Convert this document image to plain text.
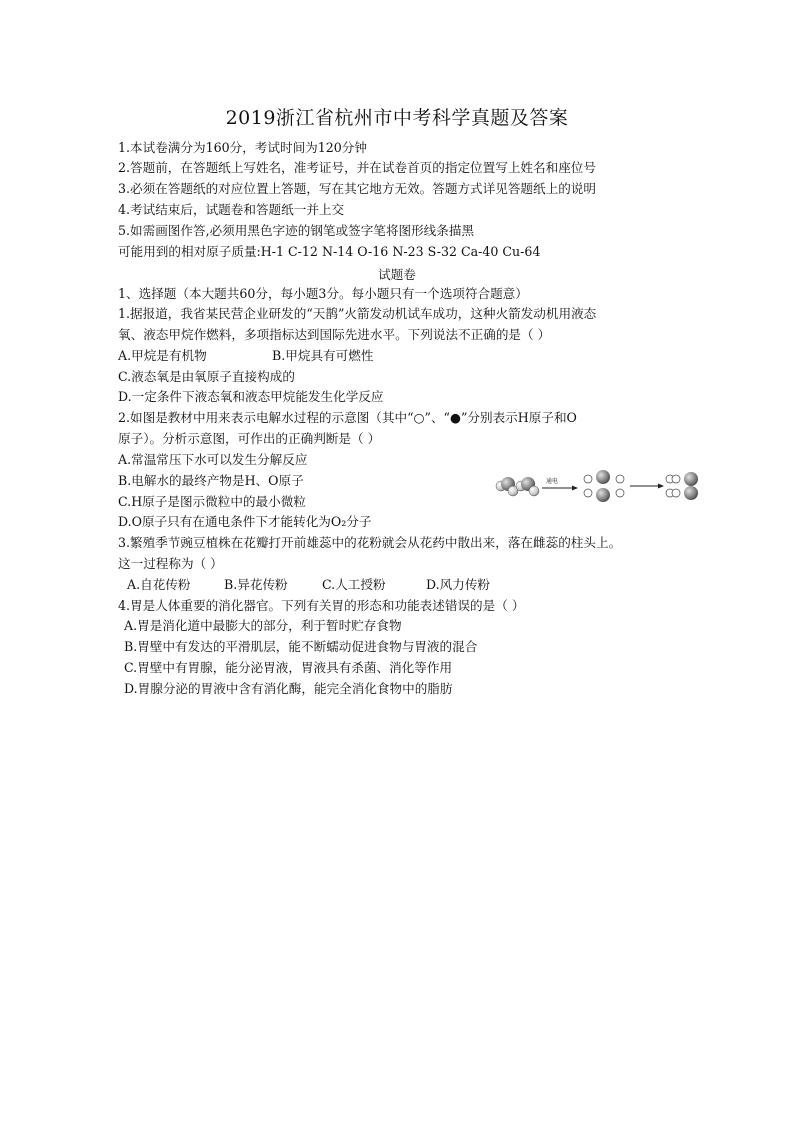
2019浙江省杭州市中考科学真题及答案
1.本试卷满分为160分，考试时间为120分钟
2.答题前，在答题纸上写姓名，准考证号，并在试卷首页的指定位置写上姓名和座位号
3.必须在答题纸的对应位置上答题，写在其它地方无效。答题方式详见答题纸上的说明
4.考试结束后，试题卷和答题纸一并上交
5.如需画图作答,必须用黑色字迹的钢笔或签字笔将图形线条描黑
可能用到的相对原子质量:H-1 C-12 N-14 O-16 N-23 S-32 Ca-40 Cu-64
试题卷
1、选择题（本大题共60分，每小题3分。每小题只有一个选项符合题意）
1.据报道，我省某民营企业研发的“天鹊”火箭发动机试车成功，这种火箭发动机用液态
氧、液态甲烷作燃料，多项指标达到国际先进水平。下列说法不正确的是（ ）
A.甲烷是有机物	B.甲烷具有可燃性
C.液态氧是由氧原子直接构成的
D.一定条件下液态氧和液态甲烷能发生化学反应
2.如图是教材中用来表示电解水过程的示意图（其中“○”、“●”分别表示H原子和O
原子）。分析示意图，可作出的正确判断是（ ）
A.常温常压下水可以发生分解反应
B.电解水的最终产物是H、O原子
C.H原子是图示微粒中的最小微粒
D.O原子只有在通电条件下才能转化为O₂分子
通电
3.繁殖季节豌豆植株在花瓣打开前雄蕊中的花粉就会从花药中散出来，落在雌蕊的柱头上。
这一过程称为（ ）
A.自花传粉	B.异花传粉	C.人工授粉	D.风力传粉
4.胃是人体重要的消化器官。下列有关胃的形态和功能表述错误的是（ ）
A.胃是消化道中最膨大的部分，利于暂时贮存食物
B.胃壁中有发达的平滑肌层，能不断蠕动促进食物与胃液的混合
C.胃壁中有胃腺，能分泌胃液，胃液具有杀菌、消化等作用
D.胃腺分泌的胃液中含有消化酶，能完全消化食物中的脂肪
